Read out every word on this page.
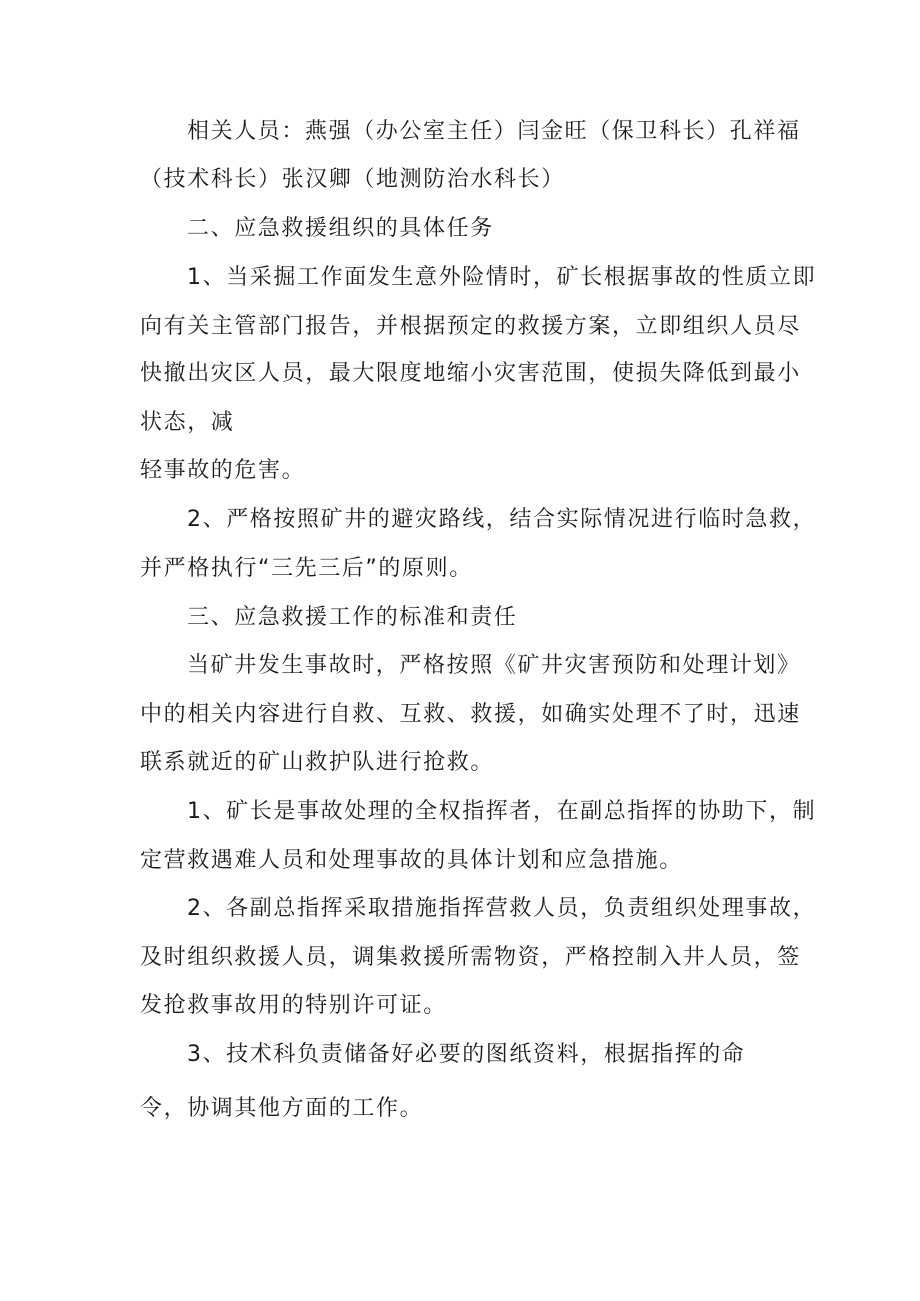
相关人员：燕强（办公室主任）闫金旺（保卫科长）孔祥福
（技术科长）张汉卿（地测防治水科长）
二、应急救援组织的具体任务
1、当采掘工作面发生意外险情时，矿长根据事故的性质立即
向有关主管部门报告，并根据预定的救援方案，立即组织人员尽
快撤出灾区人员，最大限度地缩小灾害范围，使损失降低到最小
状态，减
轻事故的危害。
2、严格按照矿井的避灾路线，结合实际情况进行临时急救，
并严格执行“三先三后”的原则。
三、应急救援工作的标准和责任
当矿井发生事故时，严格按照《矿井灾害预防和处理计划》
中的相关内容进行自救、互救、救援，如确实处理不了时，迅速
联系就近的矿山救护队进行抢救。
1、矿长是事故处理的全权指挥者，在副总指挥的协助下，制
定营救遇难人员和处理事故的具体计划和应急措施。
2、各副总指挥采取措施指挥营救人员，负责组织处理事故，
及时组织救援人员，调集救援所需物资，严格控制入井人员，签
发抢救事故用的特别许可证。
3、技术科负责储备好必要的图纸资料，根据指挥的命
令，协调其他方面的工作。
